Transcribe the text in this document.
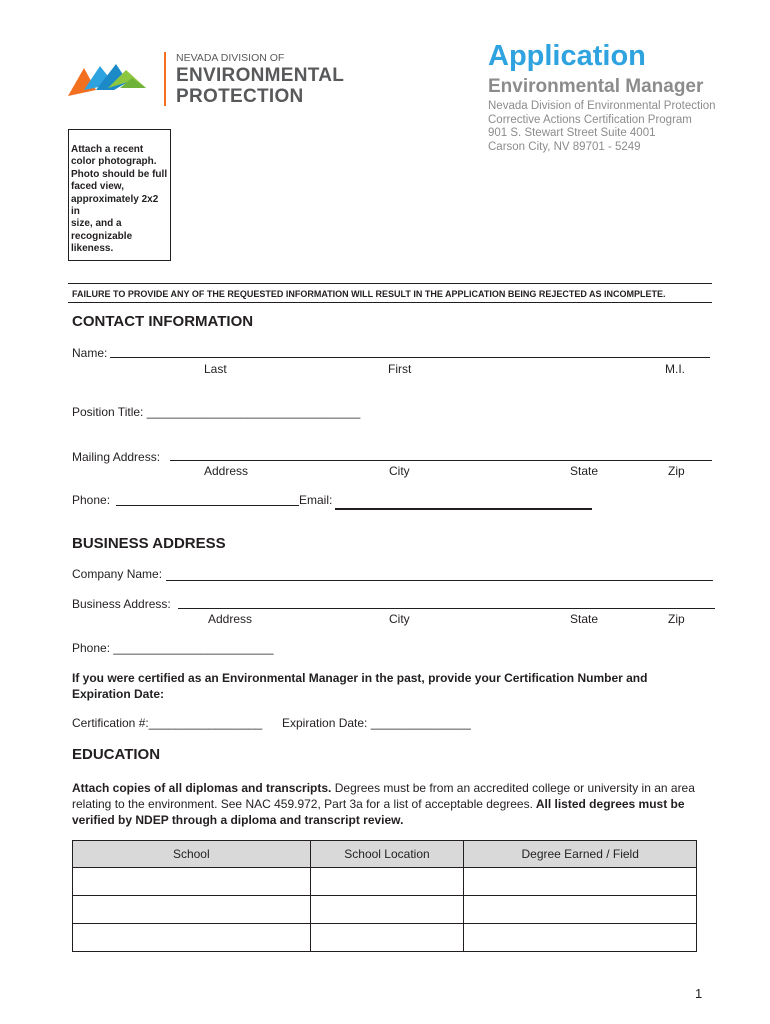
NEVADA DIVISION OF
ENVIRONMENTAL
PROTECTION
Application
Environmental Manager
Nevada Division of Environmental Protection
Corrective Actions Certification Program
901 S. Stewart Street Suite 4001
Carson City, NV 89701 - 5249
Attach a recent
color photograph.
Photo should be full
faced view,
approximately 2x2 in
size, and a
recognizable
likeness.
FAILURE TO PROVIDE ANY OF THE REQUESTED INFORMATION WILL RESULT IN THE APPLICATION BEING REJECTED AS INCOMPLETE.
CONTACT INFORMATION
Name:
Last	First	M.I.
Position Title: ________________________________
Mailing Address:
Address	City	State	Zip
Phone:	Email:
BUSINESS ADDRESS
Company Name:
Business Address:
Address	City	State	Zip
Phone: ________________________
If you were certified as an Environmental Manager in the past, provide your Certification Number and Expiration Date:
Certification #:_________________ Expiration Date: _______________
EDUCATION
Attach copies of all diplomas and transcripts. Degrees must be from an accredited college or university in an area relating to the environment. See NAC 459.972, Part 3a for a list of acceptable degrees. All listed degrees must be verified by NDEP through a diploma and transcript review.
School	School Location	Degree Earned / Field

1
